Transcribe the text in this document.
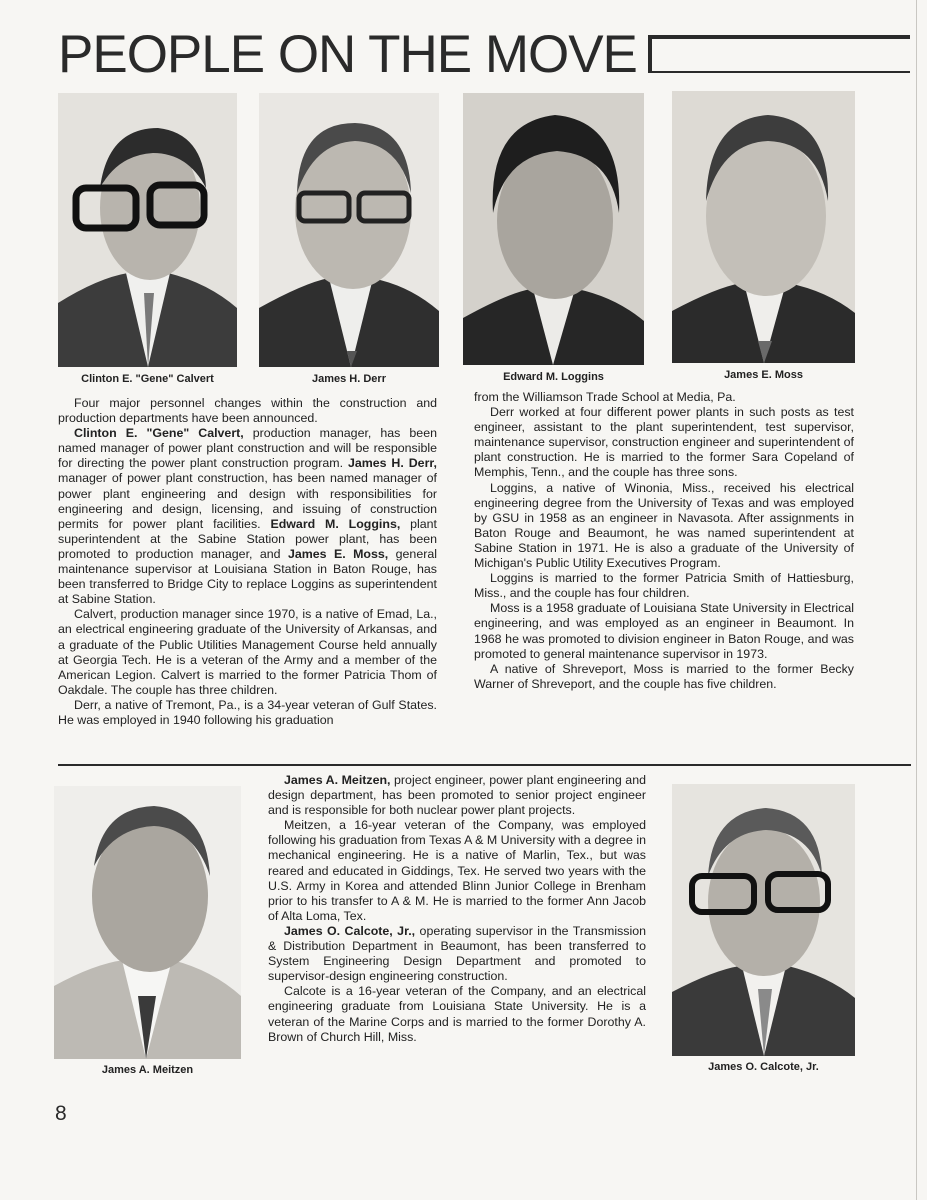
PEOPLE ON THE MOVE
Clinton E. "Gene" Calvert	James H. Derr	Edward M. Loggins	James E. Moss

Four major personnel changes within the construction and production departments have been announced.

Clinton E. "Gene" Calvert, production manager, has been named manager of power plant construction and will be responsible for directing the power plant construction program. James H. Derr, manager of power plant construction, has been named manager of power plant engineering and design with responsibilities for engineering and design, licensing, and issuing of construction permits for power plant facilities. Edward M. Loggins, plant superintendent at the Sabine Station power plant, has been promoted to production manager, and James E. Moss, general maintenance supervisor at Louisiana Station in Baton Rouge, has been transferred to Bridge City to replace Loggins as superintendent at Sabine Station.

Calvert, production manager since 1970, is a native of Emad, La., an electrical engineering graduate of the University of Arkansas, and a graduate of the Public Utilities Management Course held annually at Georgia Tech. He is a veteran of the Army and a member of the American Legion. Calvert is married to the former Patricia Thom of Oakdale. The couple has three children.

Derr, a native of Tremont, Pa., is a 34-year veteran of Gulf States. He was employed in 1940 following his graduation

from the Williamson Trade School at Media, Pa.

Derr worked at four different power plants in such posts as test engineer, assistant to the plant superintendent, test supervisor, maintenance supervisor, construction engineer and superintendent of plant construction. He is married to the former Sara Copeland of Memphis, Tenn., and the couple has three sons.

Loggins, a native of Winonia, Miss., received his electrical engineering degree from the University of Texas and was employed by GSU in 1958 as an engineer in Navasota. After assignments in Baton Rouge and Beaumont, he was named superintendent at Sabine Station in 1971. He is also a graduate of the University of Michigan's Public Utility Executives Program.

Loggins is married to the former Patricia Smith of Hattiesburg, Miss., and the couple has four children.

Moss is a 1958 graduate of Louisiana State University in Electrical engineering, and was employed as an engineer in Beaumont. In 1968 he was promoted to division engineer in Baton Rouge, and was promoted to general maintenance supervisor in 1973.

A native of Shreveport, Moss is married to the former Becky Warner of Shreveport, and the couple has five children.

James A. Meitzen

James A. Meitzen, project engineer, power plant engineering and design department, has been promoted to senior project engineer and is responsible for both nuclear power plant projects.

Meitzen, a 16-year veteran of the Company, was employed following his graduation from Texas A & M University with a degree in mechanical engineering. He is a native of Marlin, Tex., but was reared and educated in Giddings, Tex. He served two years with the U.S. Army in Korea and attended Blinn Junior College in Brenham prior to his transfer to A & M. He is married to the former Ann Jacob of Alta Loma, Tex.

James O. Calcote, Jr., operating supervisor in the Transmission & Distribution Department in Beaumont, has been transferred to System Engineering Design Department and promoted to supervisor-design engineering construction.

Calcote is a 16-year veteran of the Company, and an electrical engineering graduate from Louisiana State University. He is a veteran of the Marine Corps and is married to the former Dorothy A. Brown of Church Hill, Miss.

James O. Calcote, Jr.
8
